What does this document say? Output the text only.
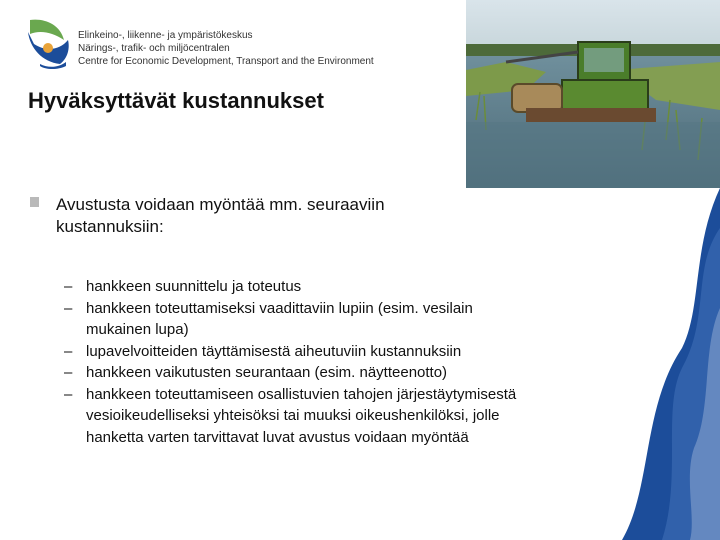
Elinkeino-, liikenne- ja ympäristökeskus
Närings-, trafik- och miljöcentralen
Centre for Economic Development, Transport and the Environment
Hyväksyttävät kustannukset
Avustusta voidaan myöntää mm. seuraaviin kustannuksiin:
– hankkeen suunnittelu ja toteutus
– hankkeen toteuttamiseksi vaadittaviin lupiin (esim. vesilain mukainen lupa)
– lupavelvoitteiden täyttämisestä aiheutuviin kustannuksiin
– hankkeen vaikutusten seurantaan (esim. näytteenotto)
– hankkeen toteuttamiseen osallistuvien tahojen järjestäytymisestä vesioikeudelliseksi yhteisöksi tai muuksi oikeushenkilöksi, jolle hanketta varten tarvittavat luvat avustus voidaan myöntää
